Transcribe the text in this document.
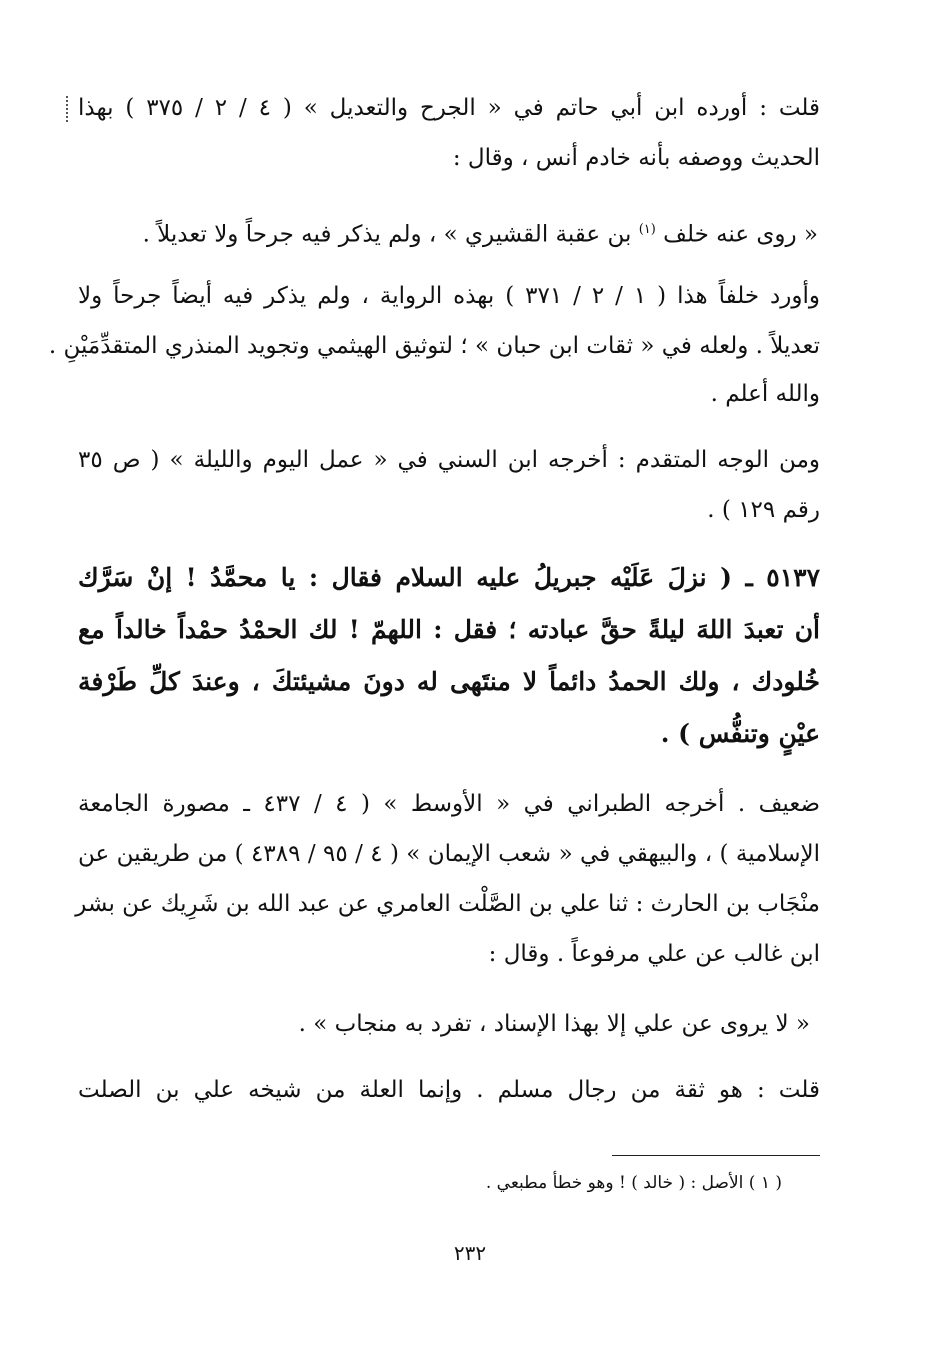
قلت : أورده ابن أبي حاتم في « الجرح والتعديل » ( ٤ / ٢ / ٣٧٥ ) بهذا
الحديث ووصفه بأنه خادم أنس ، وقال :
« روى عنه خلف $^{(١)}$ بن عقبة القشيري » ، ولم يذكر فيه جرحاً ولا تعديلاً .
وأورد خلفاً هذا ( ١ / ٢ / ٣٧١ ) بهذه الرواية ، ولم يذكر فيه أيضاً جرحاً ولا
تعديلاً . ولعله في « ثقات ابن حبان » ؛ لتوثيق الهيثمي وتجويد المنذري المتقدِّمَيْنِ .
والله أعلم .
ومن الوجه المتقدم : أخرجه ابن السني في « عمل اليوم والليلة » ( ص ٣٥
رقم ١٢٩ ) .
٥١٣٧ ـ ( نزلَ عَلَيْه جبريلُ عليه السلام فقال : يا محمَّدُ ! إنْ سَرَّك
أن تعبدَ اللهَ ليلةً حقَّ عبادته ؛ فقل : اللهمّ ! لك الحمْدُ حمْداً خالداً مع
خُلودك ، ولك الحمدُ دائماً لا منتَهى له دونَ مشيئتكَ ، وعندَ كلِّ طَرْفة
عيْنٍ وتنفُّس ) .
ضعيف . أخرجه الطبراني في « الأوسط » ( ٤ / ٤٣٧ ـ مصورة الجامعة
الإسلامية ) ، والبيهقي في « شعب الإيمان » ( ٤ / ٩٥ / ٤٣٨٩ ) من طريقين عن
منْجَاب بن الحارث : ثنا علي بن الصَّلْت العامري عن عبد الله بن شَرِيك عن بشر
ابن غالب عن علي مرفوعاً . وقال :
« لا يروى عن علي إلا بهذا الإسناد ، تفرد به منجاب » .
قلت : هو ثقة من رجال مسلم . وإنما العلة من شيخه علي بن الصلت
( ١ ) الأصل : ( خالد ) ! وهو خطأ مطبعي .
٢٣٢
